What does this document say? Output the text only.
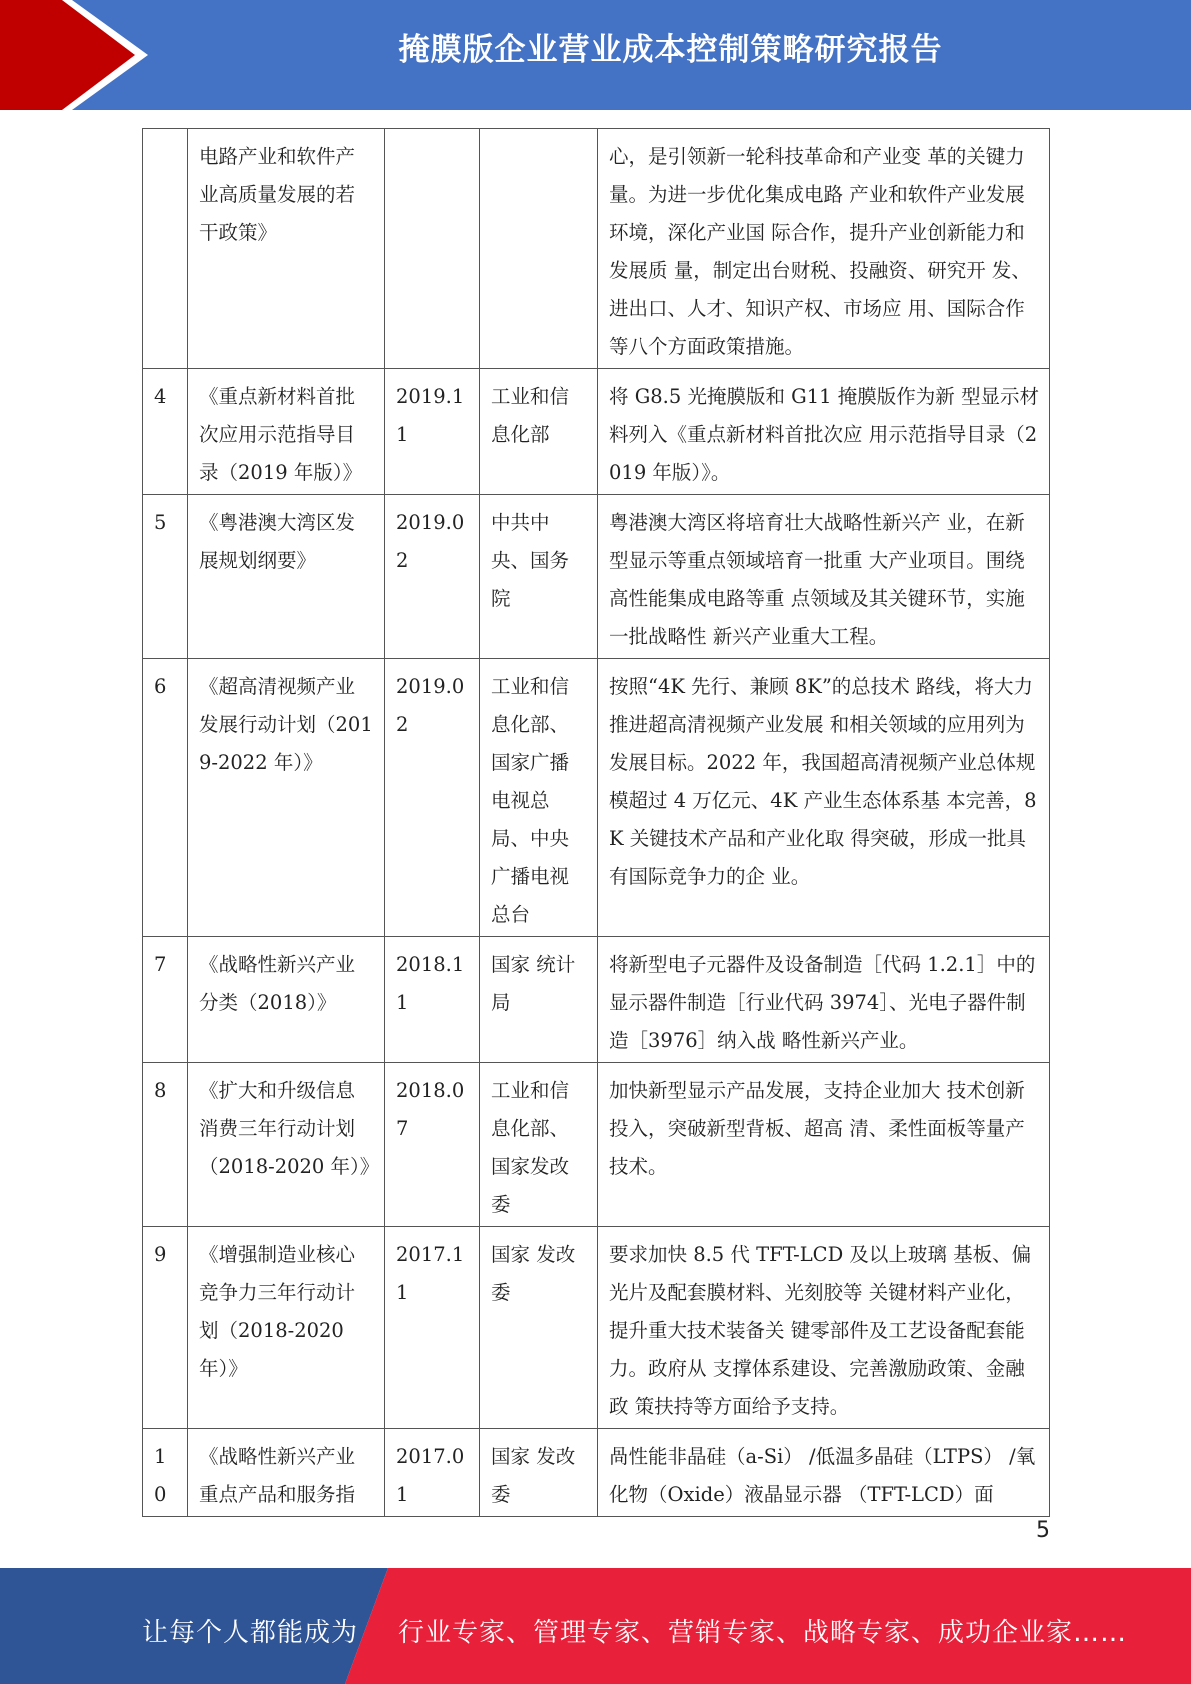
掩膜版企业营业成本控制策略研究报告
	电路产业和软件产业高质量发展的若干政策》			心，是引领新一轮科技革命和产业变 革的关键力量。为进一步优化集成电路 产业和软件产业发展环境，深化产业国 际合作，提升产业创新能力和发展质 量，制定出台财税、投融资、研究开 发、进出口、人才、知识产权、市场应 用、国际合作等八个方面政策措施。
4	《重点新材料首批次应用示范指导目录（2019 年版）》	2019.11	工业和信息化部	将 G8.5 光掩膜版和 G11 掩膜版作为新 型显示材料列入《重点新材料首批次应 用示范指导目录（2019 年版）》。
5	《粤港澳大湾区发展规划纲要》	2019.02	中共中央、国务院	粤港澳大湾区将培育壮大战略性新兴产 业，在新型显示等重点领域培育一批重 大产业项目。围绕高性能集成电路等重 点领域及其关键环节，实施一批战略性 新兴产业重大工程。
6	《超高清视频产业发展行动计划（2019-2022 年）》	2019.02	工业和信息化部、国家广播电视总局、中央广播电视总台	按照“4K 先行、兼顾 8K”的总技术 路线，将大力推进超高清视频产业发展 和相关领域的应用列为发展目标。2022 年，我国超高清视频产业总体规 模超过 4 万亿元、4K 产业生态体系基 本完善，8K 关键技术产品和产业化取 得突破，形成一批具有国际竞争力的企 业。
7	《战略性新兴产业分类（2018）》	2018.11	国家 统计局	将新型电子元器件及设备制造［代码 1.2.1］中的显示器件制造［行业代码 3974］、光电子器件制造［3976］纳入战 略性新兴产业。
8	《扩大和升级信息消费三年行动计划（2018-2020 年）》	2018.07	工业和信息化部、国家发改委	加快新型显示产品发展，支持企业加大 技术创新投入，突破新型背板、超高 清、柔性面板等量产技术。
9	《增强制造业核心竞争力三年行动计划（2018-2020 年）》	2017.11	国家 发改委	要求加快 8.5 代 TFT-LCD 及以上玻璃 基板、偏光片及配套膜材料、光刻胶等 关键材料产业化，提升重大技术装备关 键零部件及工艺设备配套能力。政府从 支撑体系建设、完善激励政策、金融政 策扶持等方面给予支持。
10	《战略性新兴产业重点产品和服务指	2017.01	国家 发改委	咼性能非晶硅（a-Si） /低温多晶硅（LTPS） /氧化物（Oxide）液晶显示器 （TFT-LCD）面
5
让每个人都能成为 行业专家、管理专家、营销专家、战略专家、成功企业家……
